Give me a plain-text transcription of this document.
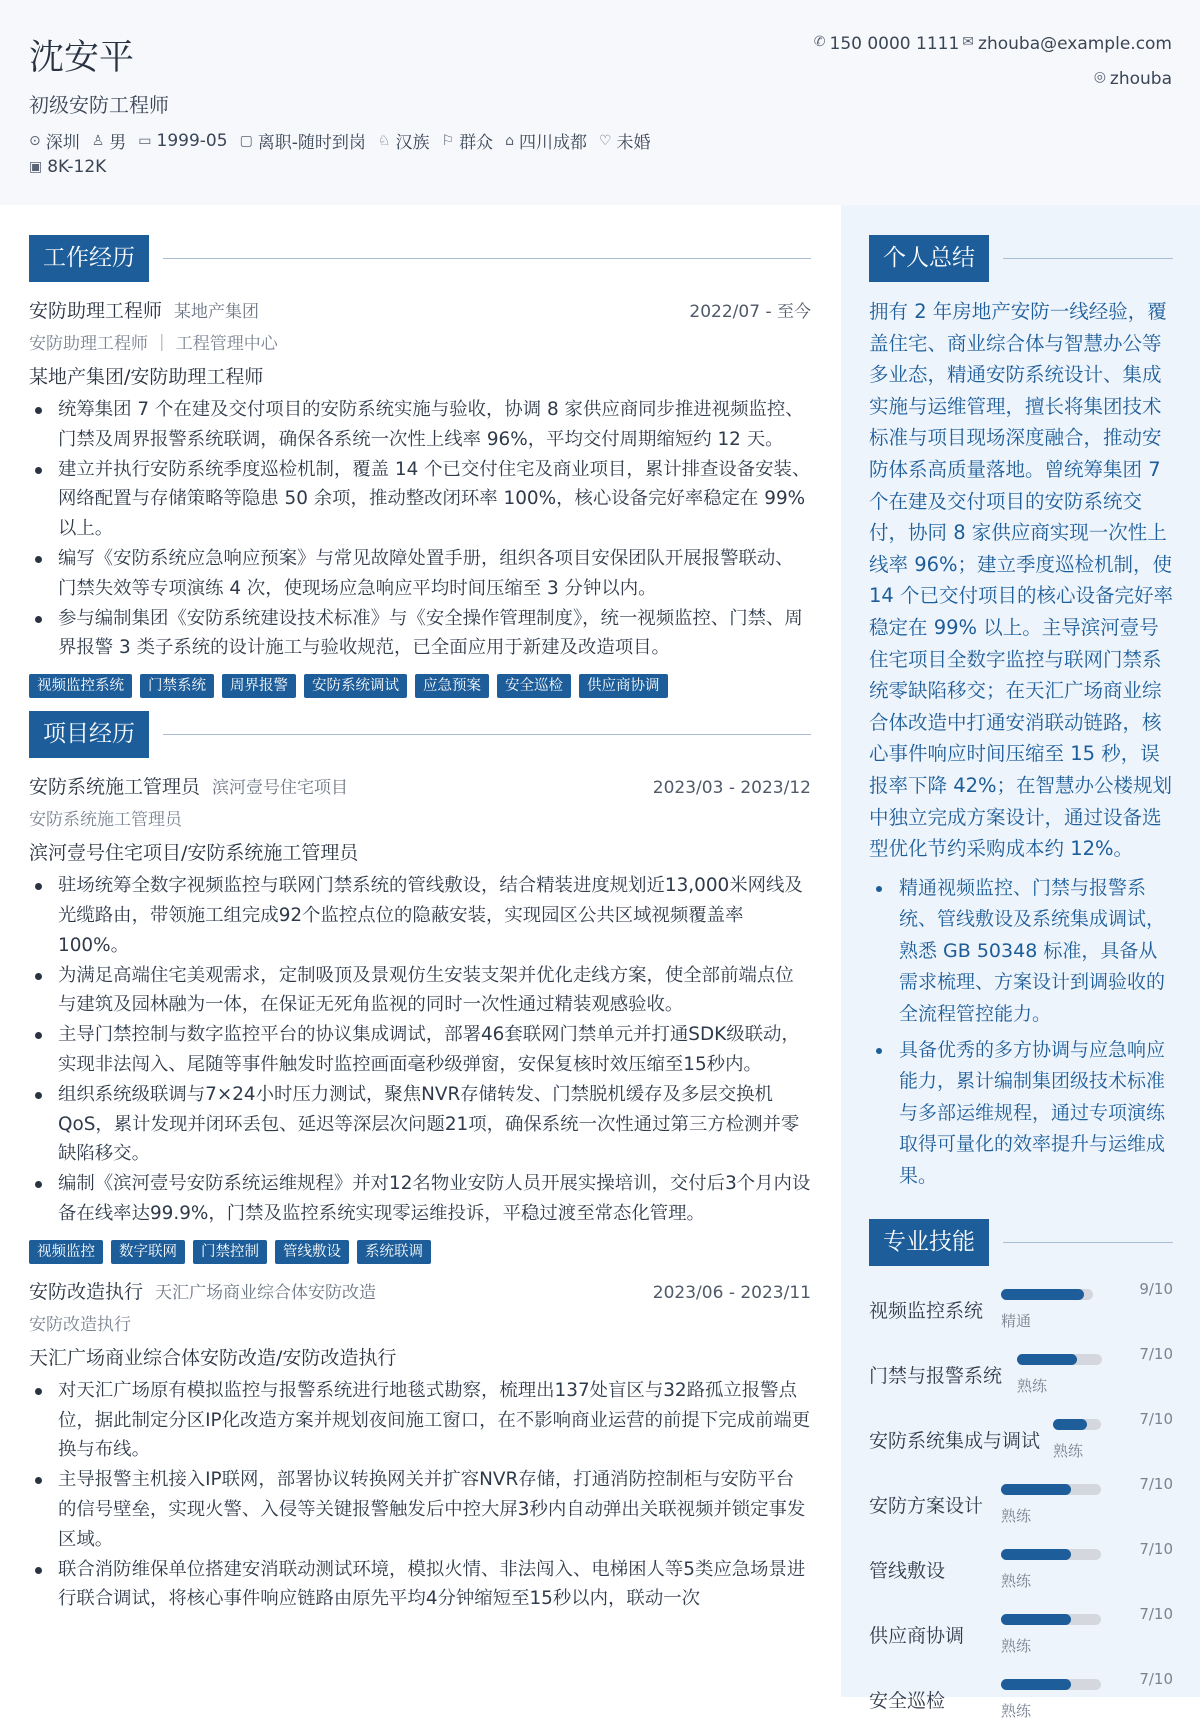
沈安平
初级安防工程师
⊙ 深圳 ♙ 男 ▭ 1999-05 ▢ 离职-随时到岗 ♘ 汉族 ⚐ 群众 ⌂ 四川成都 ♡ 未婚
▣ 8K-12K
✆ 150 0000 1111 ✉ zhouba@example.com
◎ zhouba
工作经历
安防助理工程师 某地产集团	2022/07 - 至今
安防助理工程师 ｜ 工程管理中心
某地产集团/安防助理工程师
统筹集团 7 个在建及交付项目的安防系统实施与验收，协调 8 家供应商同步推进视频监控、门禁及周界报警系统联调，确保各系统一次性上线率 96%，平均交付周期缩短约 12 天。
建立并执行安防系统季度巡检机制，覆盖 14 个已交付住宅及商业项目，累计排查设备安装、网络配置与存储策略等隐患 50 余项，推动整改闭环率 100%，核心设备完好率稳定在 99% 以上。
编写《安防系统应急响应预案》与常见故障处置手册，组织各项目安保团队开展报警联动、门禁失效等专项演练 4 次，使现场应急响应平均时间压缩至 3 分钟以内。
参与编制集团《安防系统建设技术标准》与《安全操作管理制度》，统一视频监控、门禁、周界报警 3 类子系统的设计施工与验收规范，已全面应用于新建及改造项目。
视频监控系统	门禁系统	周界报警	安防系统调试	应急预案	安全巡检	供应商协调
项目经历
安防系统施工管理员 滨河壹号住宅项目	2023/03 - 2023/12
安防系统施工管理员
滨河壹号住宅项目/安防系统施工管理员
驻场统筹全数字视频监控与联网门禁系统的管线敷设，结合精装进度规划近13,000米网线及光缆路由，带领施工组完成92个监控点位的隐蔽安装，实现园区公共区域视频覆盖率100%。
为满足高端住宅美观需求，定制吸顶及景观仿生安装支架并优化走线方案，使全部前端点位与建筑及园林融为一体，在保证无死角监视的同时一次性通过精装观感验收。
主导门禁控制与数字监控平台的协议集成调试，部署46套联网门禁单元并打通SDK级联动，实现非法闯入、尾随等事件触发时监控画面毫秒级弹窗，安保复核时效压缩至15秒内。
组织系统级联调与7×24小时压力测试，聚焦NVR存储转发、门禁脱机缓存及多层交换机QoS，累计发现并闭环丢包、延迟等深层次问题21项，确保系统一次性通过第三方检测并零缺陷移交。
编制《滨河壹号安防系统运维规程》并对12名物业安防人员开展实操培训，交付后3个月内设备在线率达99.9%，门禁及监控系统实现零运维投诉，平稳过渡至常态化管理。
视频监控	数字联网	门禁控制	管线敷设	系统联调
安防改造执行 天汇广场商业综合体安防改造	2023/06 - 2023/11
安防改造执行
天汇广场商业综合体安防改造/安防改造执行
对天汇广场原有模拟监控与报警系统进行地毯式勘察，梳理出137处盲区与32路孤立报警点位，据此制定分区IP化改造方案并规划夜间施工窗口，在不影响商业运营的前提下完成前端更换与布线。
主导报警主机接入IP联网，部署协议转换网关并扩容NVR存储，打通消防控制柜与安防平台的信号壁垒，实现火警、入侵等关键报警触发后中控大屏3秒内自动弹出关联视频并锁定事发区域。
联合消防维保单位搭建安消联动测试环境，模拟火情、非法闯入、电梯困人等5类应急场景进行联合调试，将核心事件响应链路由原先平均4分钟缩短至15秒以内，联动一次
个人总结
拥有 2 年房地产安防一线经验，覆盖住宅、商业综合体与智慧办公等多业态，精通安防系统设计、集成实施与运维管理，擅长将集团技术标准与项目现场深度融合，推动安防体系高质量落地。曾统筹集团 7 个在建及交付项目的安防系统交付，协同 8 家供应商实现一次性上线率 96%；建立季度巡检机制，使 14 个已交付项目的核心设备完好率稳定在 99% 以上。主导滨河壹号住宅项目全数字监控与联网门禁系统零缺陷移交；在天汇广场商业综合体改造中打通安消联动链路，核心事件响应时间压缩至 15 秒，误报率下降 42%；在智慧办公楼规划中独立完成方案设计，通过设备选型优化节约采购成本约 12%。
精通视频监控、门禁与报警系统、管线敷设及系统集成调试，熟悉 GB 50348 标准，具备从需求梳理、方案设计到调验收的全流程管控能力。
具备优秀的多方协调与应急响应能力，累计编制集团级技术标准与多部运维规程，通过专项演练取得可量化的效率提升与运维成果。
专业技能
视频监控系统
9/10
精通
门禁与报警系统
7/10
熟练
安防系统集成与调试
7/10
熟练
安防方案设计
7/10
熟练
管线敷设
7/10
熟练
供应商协调
7/10
熟练
安全巡检
7/10
熟练
